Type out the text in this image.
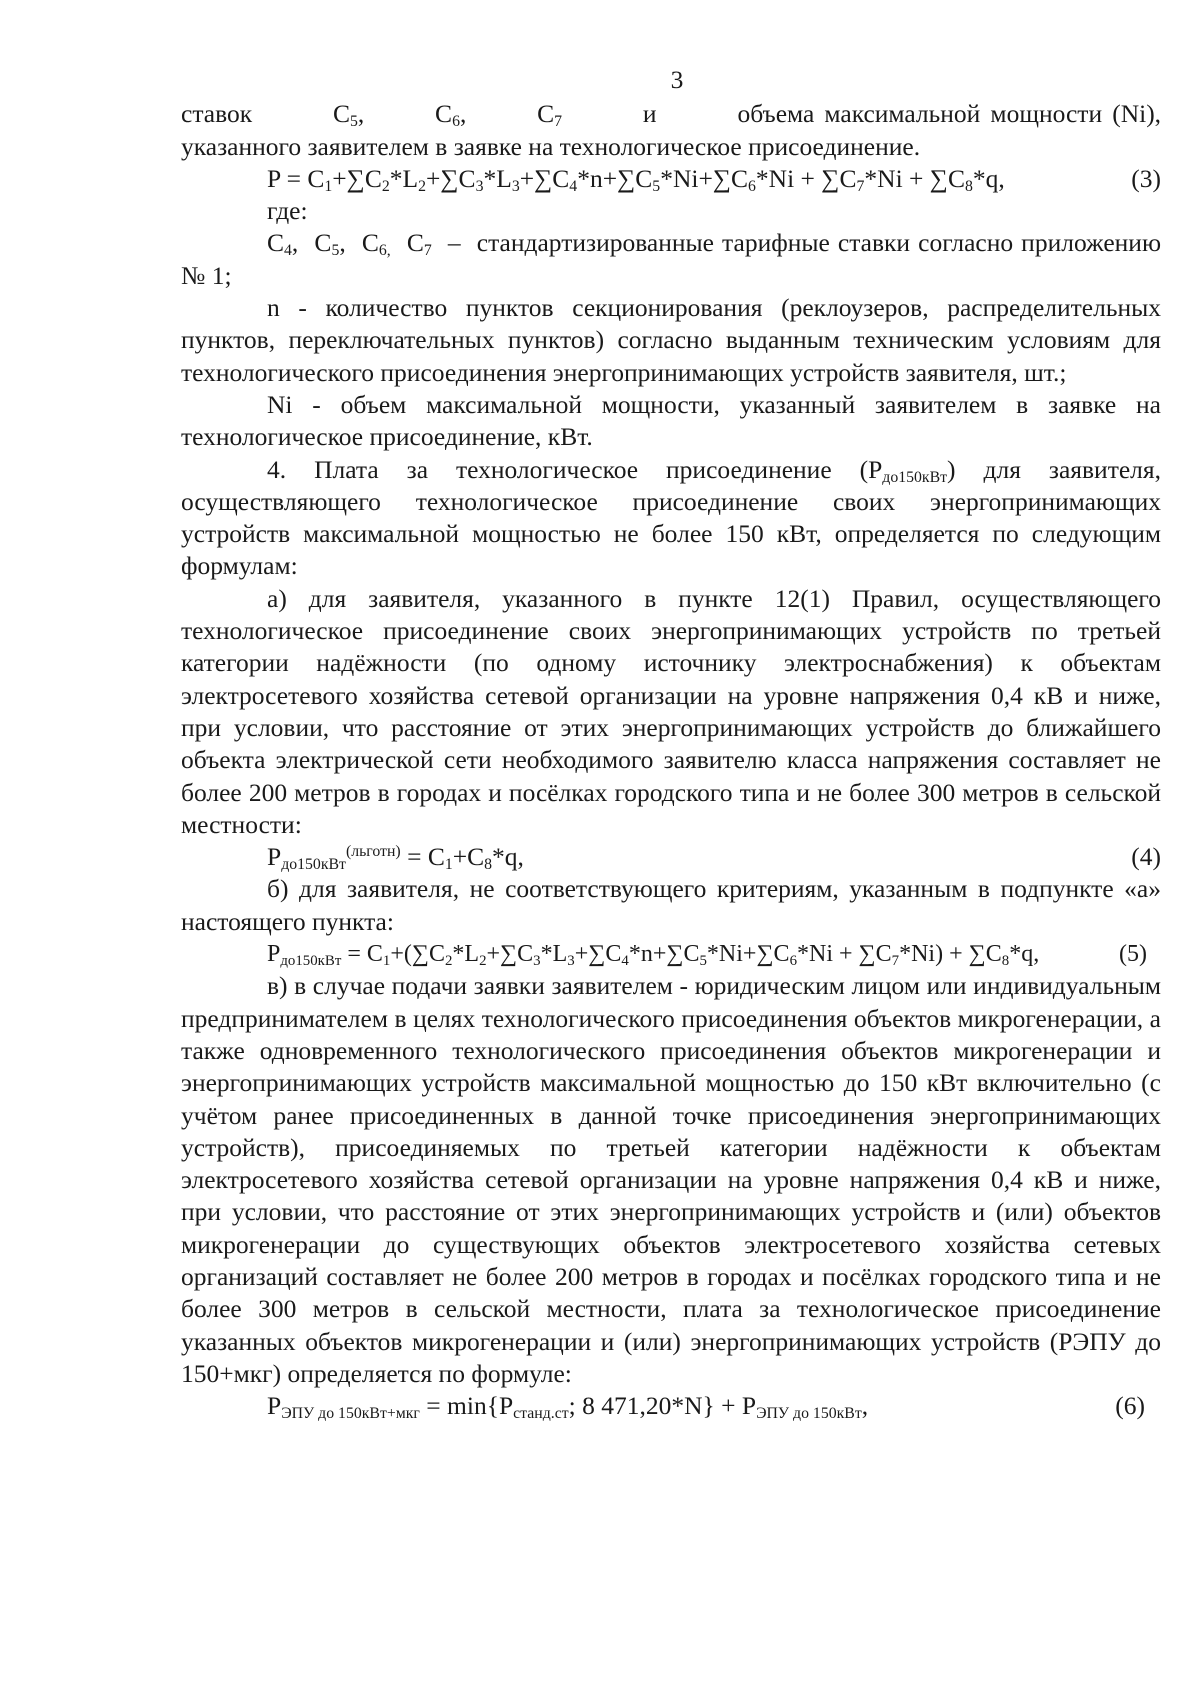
3
ставок	$C_5$,       $C_6$,       $C_7$	и	объема максимальной мощности (Ni),
указанного заявителем в заявке на технологическое присоединение.
$P = C_1+\sum C_2*L_2+\sum C_3*L_3+\sum C_4*n+\sum C_5*Ni+\sum C_6*Ni + \sum C_7*Ni + \sum C_8*q$,	(3)
где:
$C_4$,  $C_5$,  $C_{6,}$  $C_7$  –  стандартизированные тарифные ставки согласно приложению № 1;
n - количество пунктов секционирования (реклоузеров, распределительных пунктов, переключательных пунктов) согласно выданным техническим условиям для технологического присоединения энергопринимающих устройств заявителя, шт.;
Ni - объем максимальной мощности, указанный заявителем в заявке на технологическое присоединение, кВт.
4. Плата за технологическое присоединение $(P_{до150кВт})$ для заявителя, осуществляющего технологическое присоединение своих энергопринимающих устройств максимальной мощностью не более 150 кВт, определяется по следующим формулам:
а) для заявителя, указанного в пункте 12(1) Правил, осуществляющего технологическое присоединение своих энергопринимающих устройств по третьей категории надёжности (по одному источнику электроснабжения) к объектам электросетевого хозяйства сетевой организации на уровне напряжения 0,4 кВ и ниже, при условии, что расстояние от этих энергопринимающих устройств до ближайшего объекта электрической сети необходимого заявителю класса напряжения составляет не более 200 метров в городах и посёлках городского типа и не более 300 метров в сельской местности:
$P_{до150кВт}^{(льготн)} = C_1+C_8*q$,	(4)
б) для заявителя, не соответствующего критериям, указанным в подпункте «а» настоящего пункта:
$P_{до150кВт} = C_1+(\sum C_2*L_2+\sum C_3*L_3+\sum C_4*n+\sum C_5*Ni+\sum C_6*Ni + \sum C_7*Ni) + \sum C_8*q$,	(5)
в) в случае подачи заявки заявителем - юридическим лицом или индивидуальным предпринимателем в целях технологического присоединения объектов микрогенерации, а также одновременного технологического присоединения объектов микрогенерации и энергопринимающих устройств максимальной мощностью до 150 кВт включительно (с учётом ранее присоединенных в данной точке присоединения энергопринимающих устройств), присоединяемых по третьей категории надёжности к объектам электросетевого хозяйства сетевой организации на уровне напряжения 0,4 кВ и ниже, при условии, что расстояние от этих энергопринимающих устройств и (или) объектов микрогенерации до существующих объектов электросетевого хозяйства сетевых организаций составляет не более 200 метров в городах и посёлках городского типа и не более 300 метров в сельской местности, плата за технологическое присоединение указанных объектов микрогенерации и (или) энергопринимающих устройств (РЭПУ до 150+мкг) определяется по формуле:
$P_{ЭПУ до 150кВт+мкг} = \min\{P_{станд.ст}$; 8 $471,20*N\} + P_{ЭПУ до 150кВт}$,	(6)
